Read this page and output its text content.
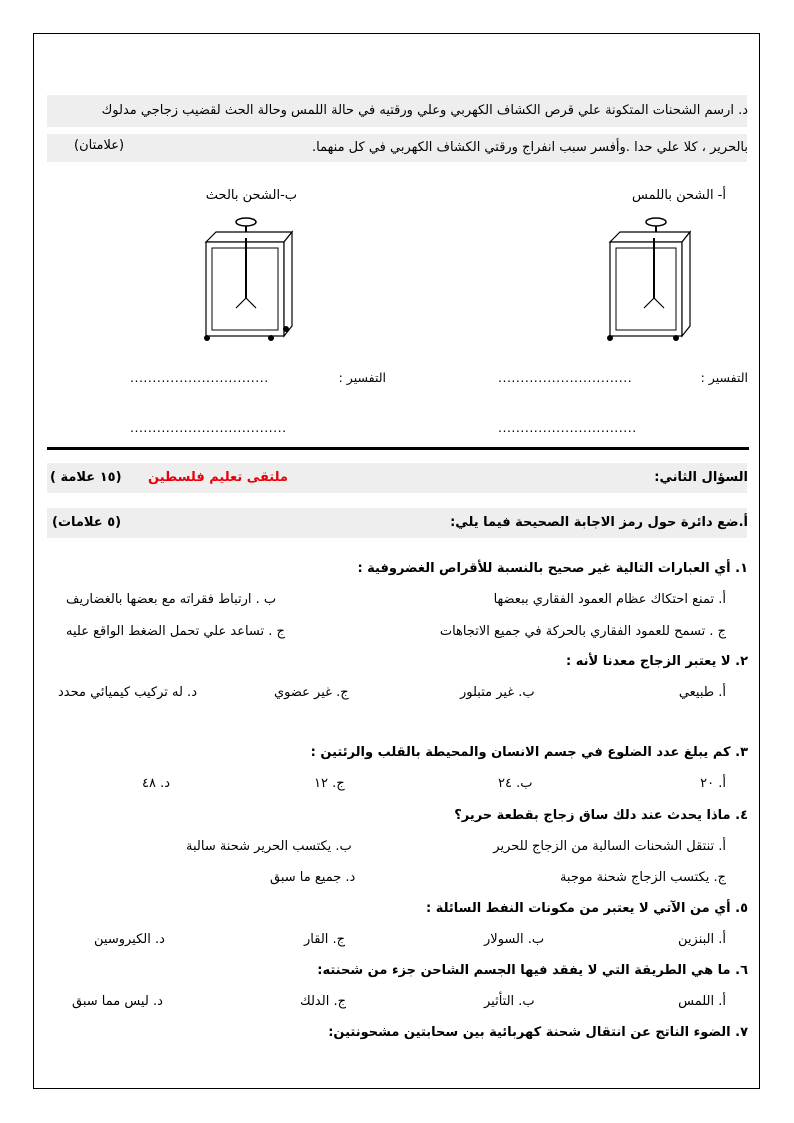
د. ارسم الشحنات المتكونة علي قرص الكشاف الكهربي وعلي ورقتيه في حالة اللمس وحالة الحث لقضيب زجاجي مدلوك
بالحرير ، كلا علي حدا .وأفسر سبب انفراج ورقتي الكشاف الكهربي في كل منهما.
(علامتان)
أ- الشحن باللمس
ب-الشحن بالحث
التفسير :
..............................
...............................
التفسير :
...............................
...................................
السؤال الثاني:
ملتقى تعليم فلسطين
(١٥ علامة )
أ.ضع دائرة حول رمز الاجابة الصحيحة فيما يلي:
(٥ علامات)
١. أي العبارات التالية غير صحيح بالنسبة للأقراص الغضروفية :
أ. تمنع احتكاك عظام العمود الفقاري ببعضها
ب . ارتباط فقراته مع بعضها بالغضاريف
ج . تسمح للعمود الفقاري بالحركة في جميع الاتجاهات
ج . تساعد علي تحمل الضغط الواقع عليه
٢. لا يعتبر الزجاج معدنا لأنه :
أ. طبيعي
ب. غير متبلور
ج. غير عضوي
د. له تركيب كيميائي محدد
٣. كم يبلغ عدد الضلوع في جسم الانسان والمحيطة بالقلب والرئتين :
أ. ٢٠
ب. ٢٤
ج. ١٢
د. ٤٨
٤. ماذا يحدث عند دلك ساق زجاج بقطعة حرير؟
أ. تنتقل الشحنات السالبة من الزجاج للحرير
ب. يكتسب الحرير شحنة سالبة
ج. يكتسب الزجاج شحنة موجبة
د. جميع ما سبق
٥. أي من الآتي لا يعتبر من مكونات النفط السائلة :
أ. البنزين
ب. السولار
ج. القار
د. الكيروسين
٦. ما هي الطريقة التي لا يفقد فيها الجسم الشاحن جزء من شحنته:
أ. اللمس
ب. التأثير
ج. الدلك
د. ليس مما سبق
٧. الضوء الناتج عن انتقال شحنة كهربائية بين سحابتين مشحونتين:
